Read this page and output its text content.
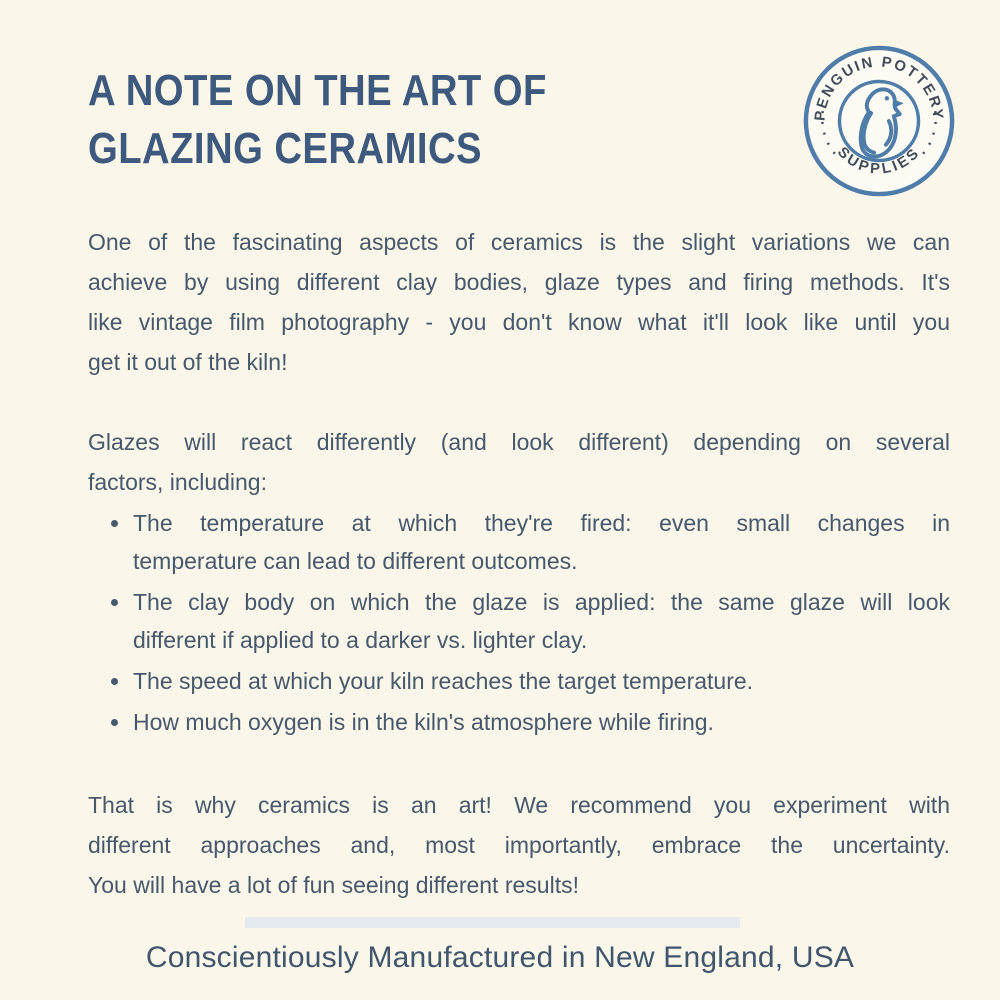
A NOTE ON THE ART OF
GLAZING CERAMICS
PENGUIN POTTERY
SUPPLIES
One of the fascinating aspects of ceramics is the slight variations we can
achieve by using different clay bodies, glaze types and firing methods. It's
like vintage film photography - you don't know what it'll look like until you
get it out of the kiln!
Glazes will react differently (and look different) depending on several
factors, including:
The temperature at which they're fired: even small changes in
temperature can lead to different outcomes.
The clay body on which the glaze is applied: the same glaze will look
different if applied to a darker vs. lighter clay.
The speed at which your kiln reaches the target temperature.
How much oxygen is in the kiln's atmosphere while firing.
That is why ceramics is an art! We recommend you experiment with
different approaches and, most importantly, embrace the uncertainty.
You will have a lot of fun seeing different results!
Conscientiously Manufactured in New England, USA
